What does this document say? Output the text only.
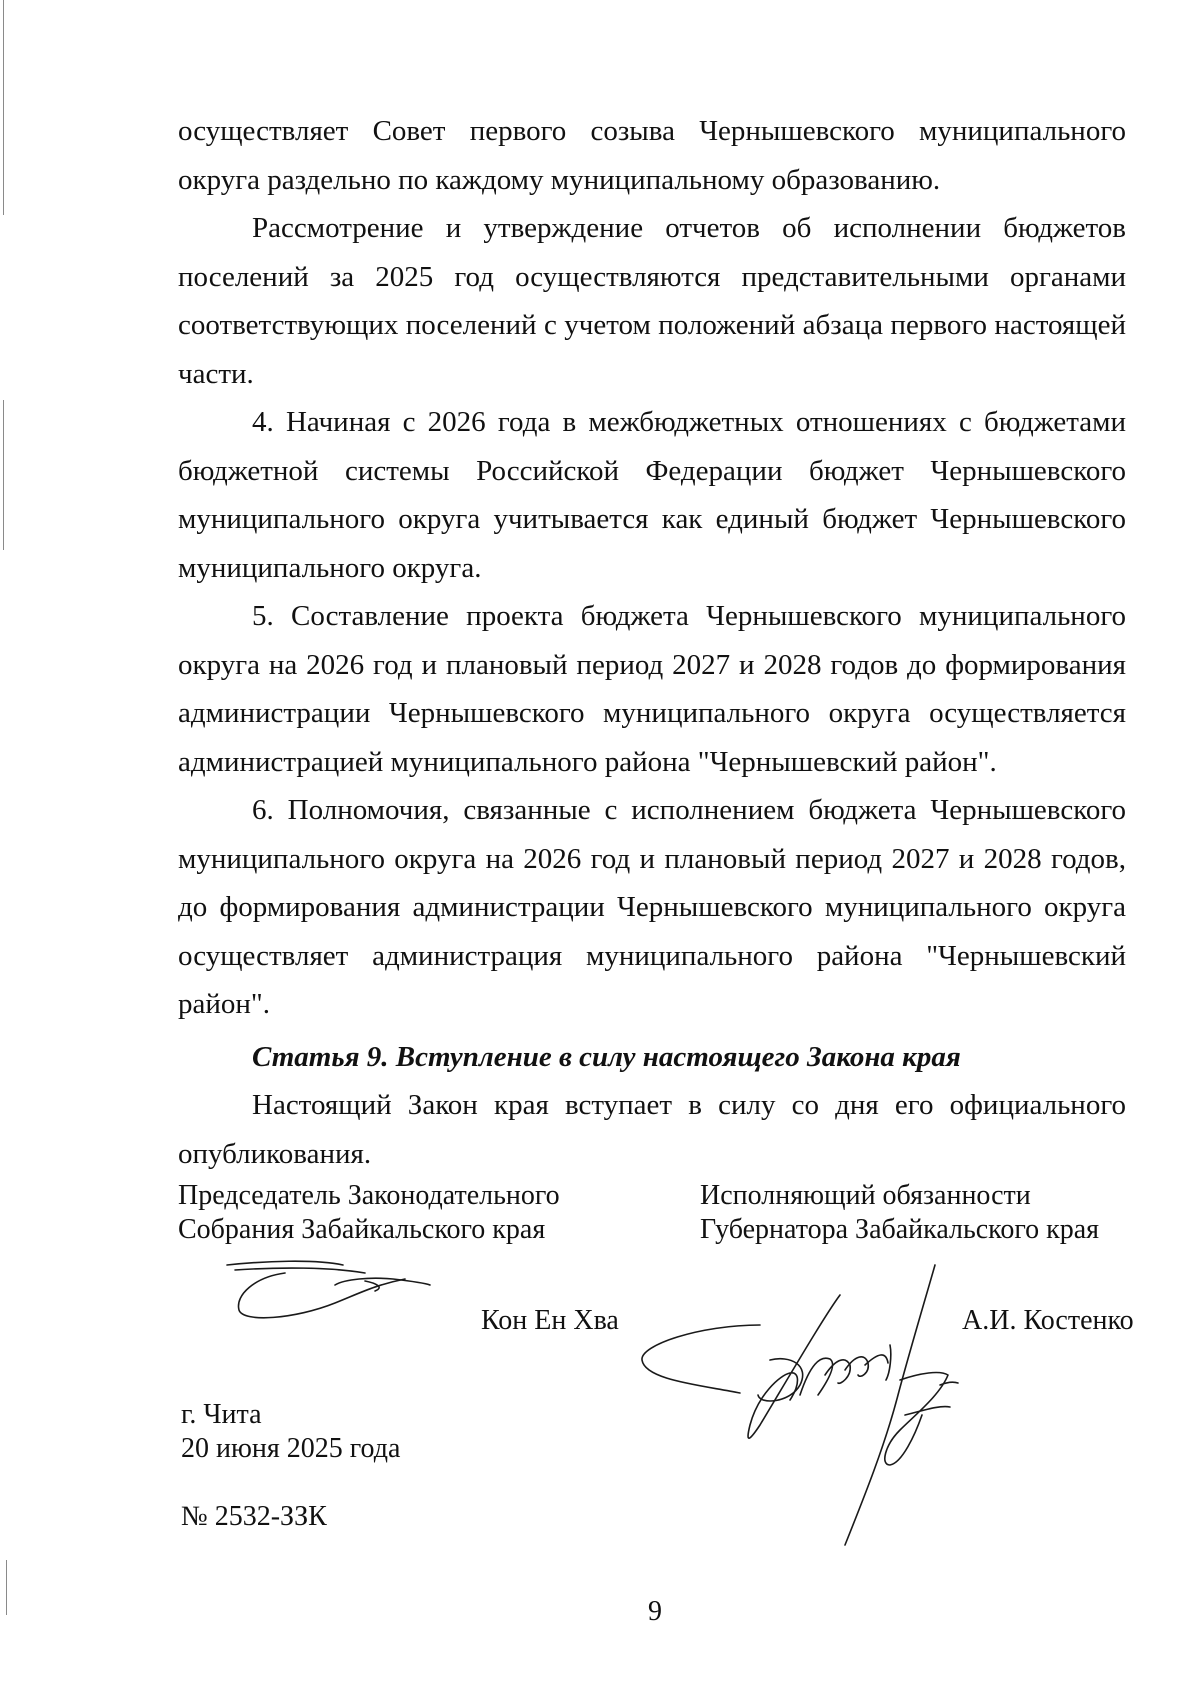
осуществляет Совет первого созыва Чернышевского муниципального округа раздельно по каждому муниципальному образованию.

Рассмотрение и утверждение отчетов об исполнении бюджетов поселений за 2025 год осуществляются представительными органами соответствующих поселений с учетом положений абзаца первого настоящей части.

4. Начиная с 2026 года в межбюджетных отношениях с бюджетами бюджетной системы Российской Федерации бюджет Чернышевского муниципального округа учитывается как единый бюджет Чернышевского муниципального округа.

5. Составление проекта бюджета Чернышевского муниципального округа на 2026 год и плановый период 2027 и 2028 годов до формирования администрации Чернышевского муниципального округа осуществляется администрацией муниципального района "Чернышевский район".

6. Полномочия, связанные с исполнением бюджета Чернышевского муниципального округа на 2026 год и плановый период 2027 и 2028 годов, до формирования администрации Чернышевского муниципального округа осуществляет администрация муниципального района "Чернышевский район".

Статья 9. Вступление в силу настоящего Закона края

Настоящий Закон края вступает в силу со дня его официального опубликования.

Председатель Законодательного
Собрания Забайкальского края
Исполняющий обязанности
Губернатора Забайкальского края
Кон Ен Хва	А.И. Костенко
г. Чита
20 июня 2025 года
№ 2532-ЗЗК
9
